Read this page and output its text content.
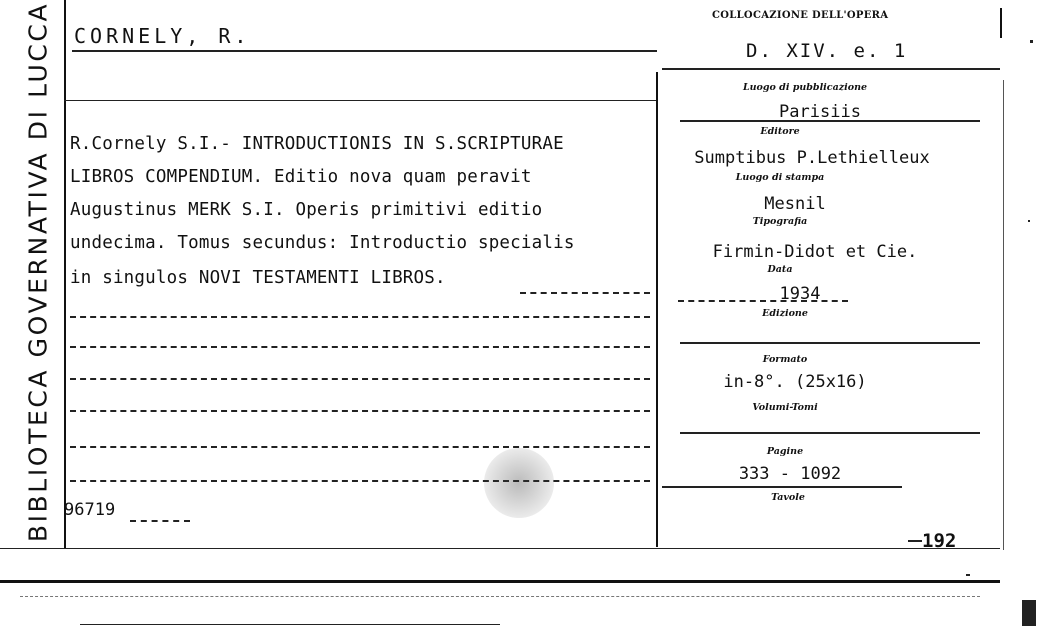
BIBLIOTECA GOVERNATIVA DI LUCCA CORNELY, R.
COLLOCAZIONE DELL'OPERA
D. XIV. e. 1
R.Cornely S.I.- INTRODUCTIONIS IN S.SCRIPTURAE
LIBROS COMPENDIUM. Editio nova quam peravit
Augustinus MERK S.I. Operis primitivi editio
undecima. Tomus secundus: Introductio specialis
in singulos NOVI TESTAMENTI LIBROS.
96719
Luogo di pubblicazione
Parisiis
Editore
Sumptibus P.Lethielleux
Luogo di stampa
Mesnil
Tipografia
Firmin-Didot et Cie.
Data
1934
Edizione
Formato
in-8°. (25x16)
Volumi-Tomi
Pagine
333 - 1092
Tavole
192
